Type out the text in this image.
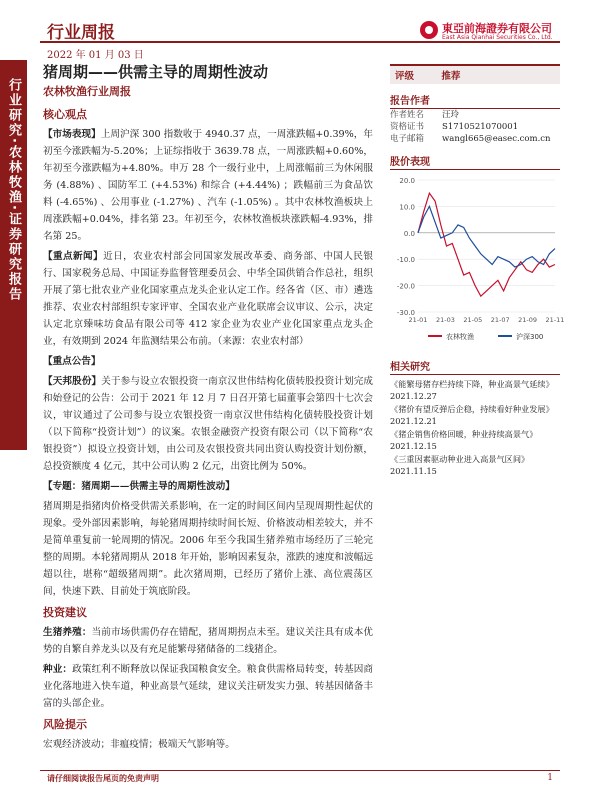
行业周报	東亞前海證券有限公司
East Asia Qianhai Securities Co., Ltd.
2022 年 01 月 03 日
行业研究·农林牧渔·证券研究报告
猪周期——供需主导的周期性波动
农林牧渔行业周报
核心观点

【市场表现】上周沪深 300 指数收于 4940.37 点，一周涨跌幅+0.39%，年初至今涨跌幅为-5.20%；上证综指收于 3639.78 点，一周涨跌幅+0.60%，年初至今涨跌幅为+4.80%。申万 28 个一级行业中，上周涨幅前三为休闲服务 (4.88%) 、国防军工 (+4.53%) 和综合 (+4.44%) ；跌幅前三为食品饮料 (-4.65%) 、公用事业 (-1.27%) 、汽车 (-1.05%) 。其中农林牧渔板块上周涨跌幅+0.04%，排名第 23。年初至今，农林牧渔板块涨跌幅-4.93%，排名第 25。

【重点新闻】近日，农业农村部会同国家发展改革委、商务部、中国人民银行、国家税务总局、中国证券监督管理委员会、中华全国供销合作总社，组织开展了第七批农业产业化国家重点龙头企业认定工作。经各省（区、市）遴选推荐、农业农村部组织专家评审、全国农业产业化联席会议审议、公示，决定认定北京臻味坊食品有限公司等 412 家企业为农业产业化国家重点龙头企业，有效期到 2024 年监测结果公布前。（来源：农业农村部）

【重点公告】

【天邦股份】关于参与设立农银投资一南京汉世伟结构化债转股投资计划完成和始登记的公告：公司于 2021 年 12 月 7 日召开第七届董事会第四十七次会议，审议通过了公司参与设立农银投资一南京汉世伟结构化债转股投资计划（以下简称“投资计划”）的议案。农银金融资产投资有限公司（以下简称“农银投资”）拟设立投资计划，由公司及农银投资共同出资认购投资计划份额，总投资额度 4 亿元，其中公司认购 2 亿元，出资比例为 50%。

【专题：猪周期——供需主导的周期性波动】

猪周期是指猪肉价格受供需关系影响，在一定的时间区间内呈现周期性起伏的现象。受外部因素影响，每轮猪周期持续时间长短、价格波动相差较大，并不是简单重复前一轮周期的情况。2006 年至今我国生猪养殖市场经历了三轮完整的周期。本轮猪周期从 2018 年开始，影响因素复杂，涨跌的速度和波幅远超以往，堪称“超级猪周期”。此次猪周期，已经历了猪价上涨、高位震荡区间，快速下跌、目前处于筑底阶段。

投资建议

生猪养殖：当前市场供需仍存在错配，猪周期拐点未至。建议关注具有成本优势的自繁自养龙头以及有充足能繁母猪储备的二线猪企。

种业：政策红利不断释放以保证我国粮食安全。粮食供需格局转变，转基因商业化落地进入快车道，种业高景气延续，建议关注研发实力强、转基因储备丰富的头部企业。

风险提示

宏观经济波动；非瘟疫情；极端天气影响等。

评级	推荐
报告作者
作者姓名	汪玲
资格证书	S1710521070001
电子邮箱	wangl665@easec.com.cn
股价表现
20.0
10.0
0.0
-10.0
-20.0
-30.0
21-01 21-03 21-05 21-07 21-09 21-11
农林牧渔	沪深300
相关研究
《能繁母猪存栏持续下降，种业高景气延续》2021.12.27
《猪价有望反弹后企稳，持续看好种业发展》2021.12.21
《猪企销售价格回暖，种业持续高景气》2021.12.15
《三重因素驱动种业进入高景气区间》2021.11.15
请仔细阅读报告尾页的免责声明	1
